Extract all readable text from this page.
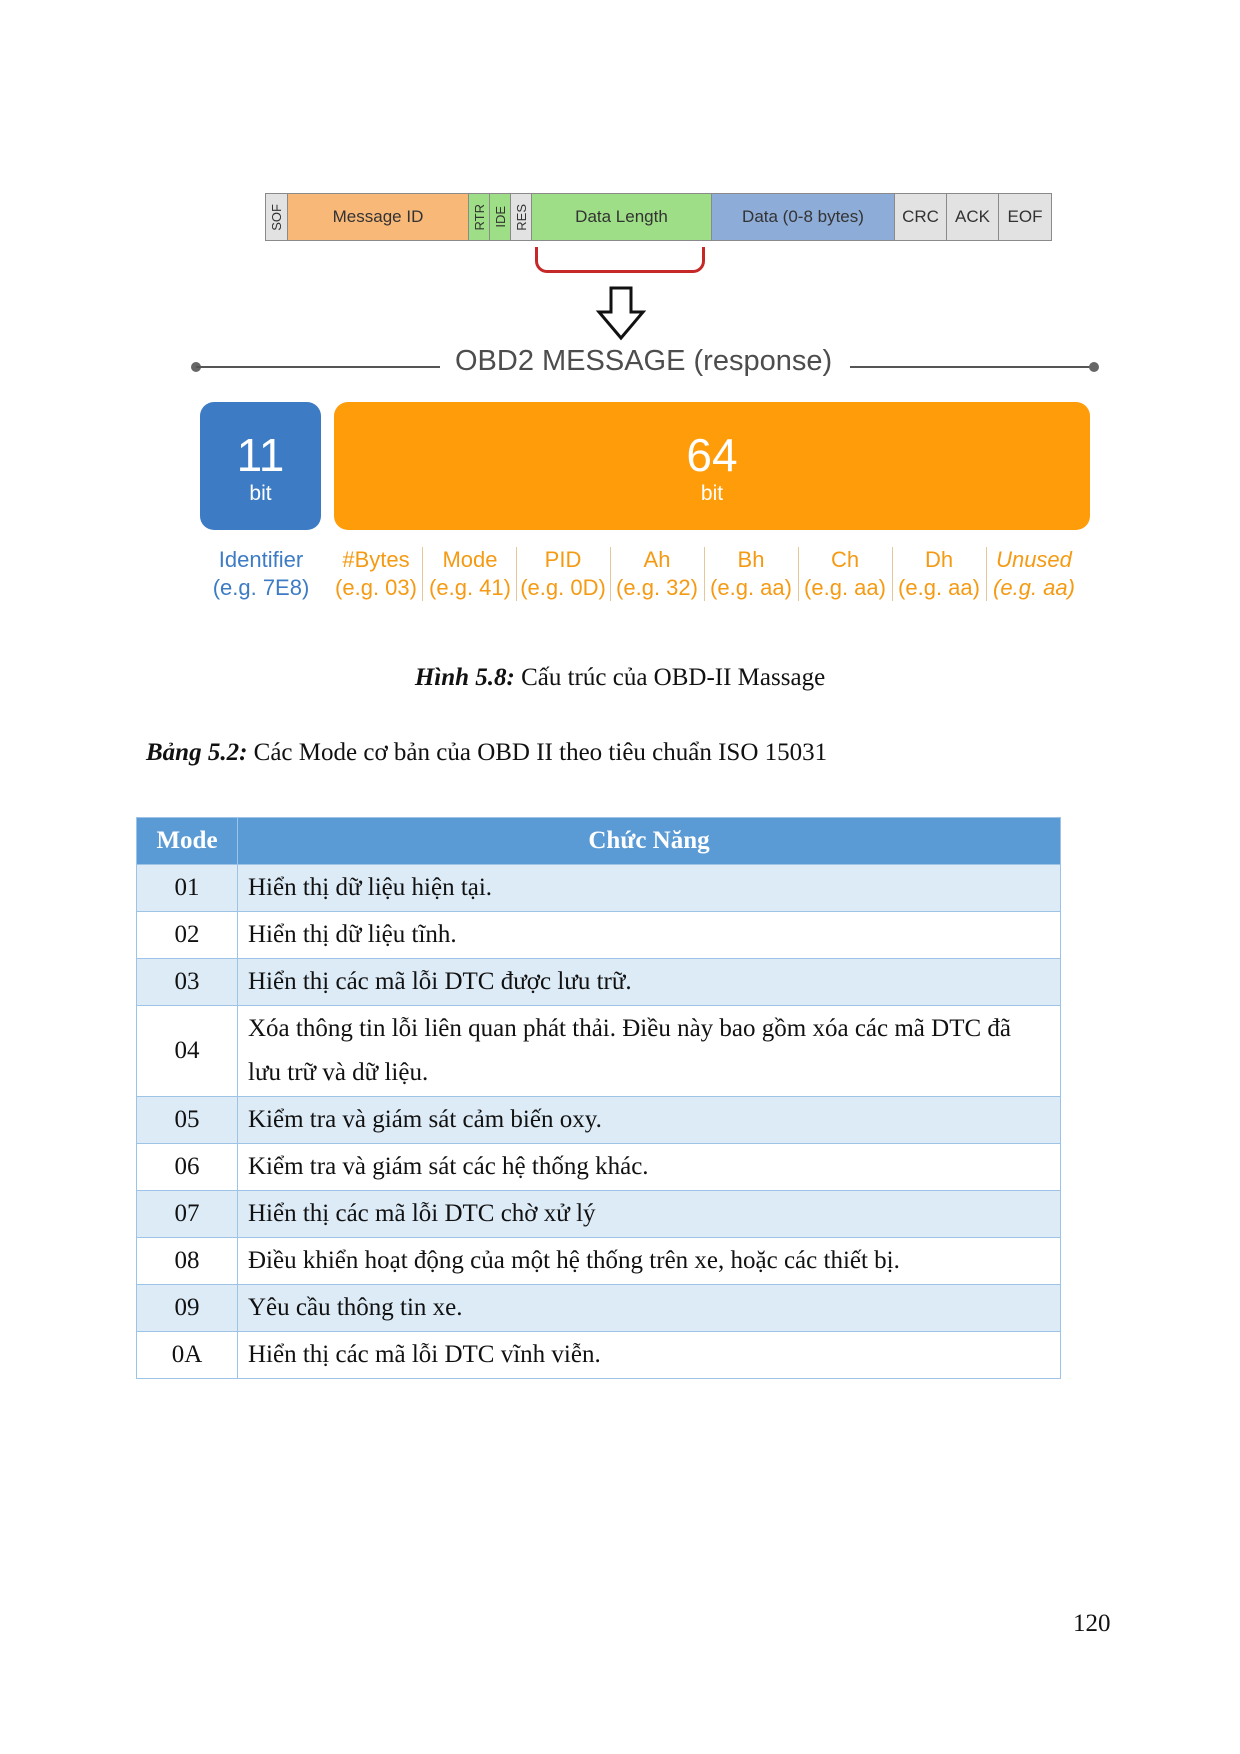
SOF	Message ID	RTR IDE RES	Data Length	Data (0-8 bytes) CRC ACK EOF
OBD2 MESSAGE (response)
11
bit
64
bit
Identifier
(e.g. 7E8)
#Bytes
(e.g. 03)
Mode
(e.g. 41)
PID
(e.g. 0D)
Ah
(e.g. 32)
Bh
(e.g. aa)
Ch
(e.g. aa)
Dh
(e.g. aa)
Unused
(e.g. aa)
Hình 5.8: Cấu trúc của OBD-II Massage
Bảng 5.2: Các Mode cơ bản của OBD II theo tiêu chuẩn ISO 15031
Mode	Chức Năng
01	Hiển thị dữ liệu hiện tại.
02	Hiển thị dữ liệu tĩnh.
03	Hiển thị các mã lỗi DTC được lưu trữ.
04	Xóa thông tin lỗi liên quan phát thải. Điều này bao gồm xóa các mã DTC đã lưu trữ và dữ liệu.
05	Kiểm tra và giám sát cảm biến oxy.
06	Kiểm tra và giám sát các hệ thống khác.
07	Hiển thị các mã lỗi DTC chờ xử lý
08	Điều khiển hoạt động của một hệ thống trên xe, hoặc các thiết bị.
09	Yêu cầu thông tin xe.
0A	Hiển thị các mã lỗi DTC vĩnh viễn.
120
